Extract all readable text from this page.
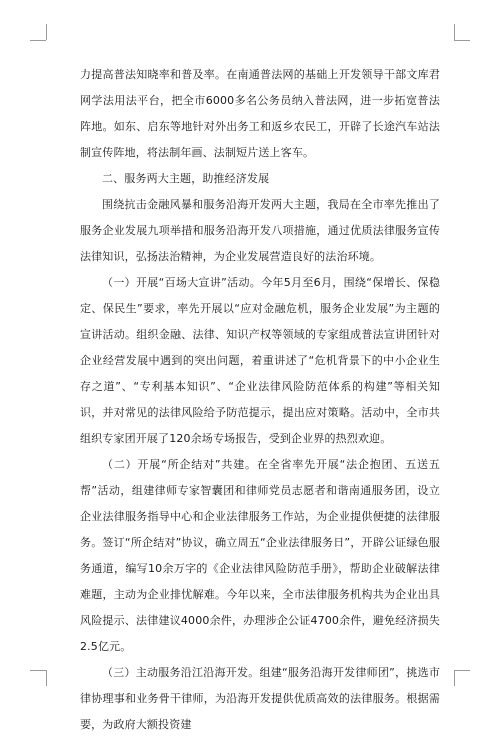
力提高普法知晓率和普及率。在南通普法网的基础上开发领导干部文库君网学法用法平台，把全市6000多名公务员纳入普法网，进一步拓宽普法阵地。如东、启东等地针对外出务工和返乡农民工，开辟了长途汽车站法制宣传阵地，将法制年画、法制短片送上客车。

二、服务两大主题，助推经济发展

围绕抗击金融风暴和服务沿海开发两大主题，我局在全市率先推出了服务企业发展九项举措和服务沿海开发八项措施，通过优质法律服务宣传法律知识，弘扬法治精神，为企业发展营造良好的法治环境。

（一）开展“百场大宣讲”活动。今年5月至6月，围绕“保增长、保稳定、保民生”要求，率先开展以“应对金融危机，服务企业发展”为主题的宣讲活动。组织金融、法律、知识产权等领域的专家组成普法宣讲团针对企业经营发展中遇到的突出问题，着重讲述了“危机背景下的中小企业生存之道”、“专利基本知识”、“企业法律风险防范体系的构建”等相关知识，并对常见的法律风险给予防范提示，提出应对策略。活动中，全市共组织专家团开展了120余场专场报告，受到企业界的热烈欢迎。

（二）开展“所企结对”共建。在全省率先开展“法企抱团、五送五帮”活动，组建律师专家智囊团和律师党员志愿者和谐南通服务团，设立企业法律服务指导中心和企业法律服务工作站，为企业提供便捷的法律服务。签订“所企结对”协议，确立周五“企业法律服务日”，开辟公证绿色服务通道，编写10余万字的《企业法律风险防范手册》，帮助企业破解法律难题，主动为企业排忧解难。今年以来，全市法律服务机构共为企业出具风险提示、法律建议4000余件，办理涉企公证4700余件，避免经济损失2.5亿元。

（三）主动服务沿江沿海开发。组建“服务沿海开发律师团”，挑选市律协理事和业务骨干律师，为沿海开发提供优质高效的法律服务。根据需要，为政府大额投资建
